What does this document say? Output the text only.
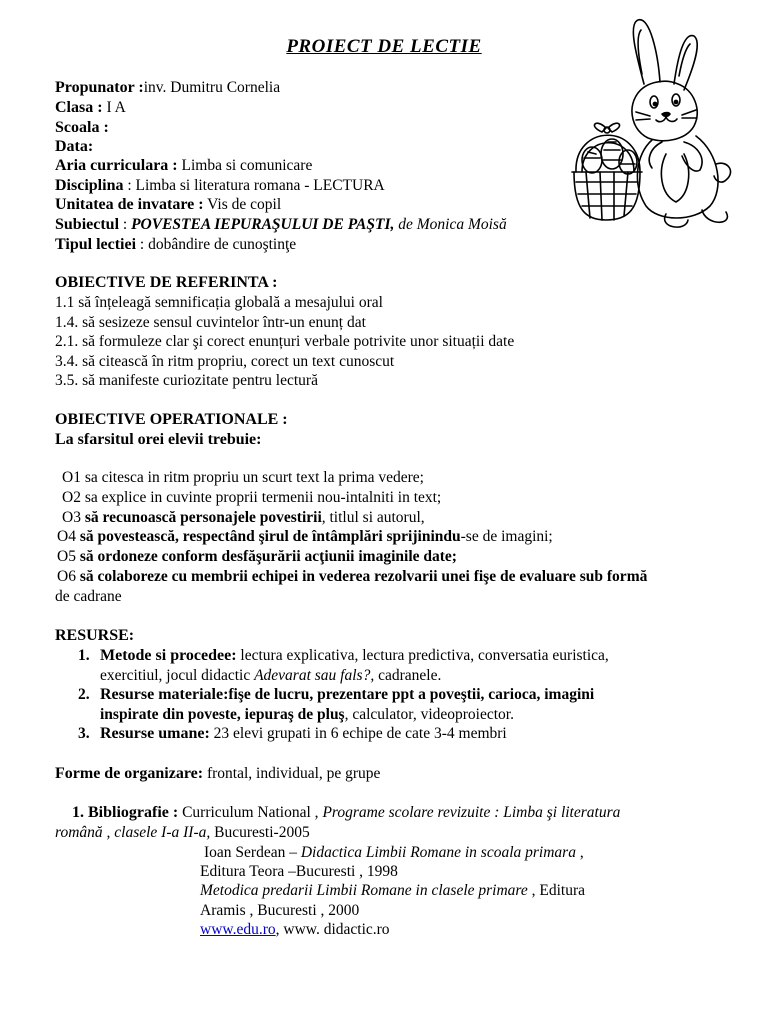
PROIECT DE LECTIE
Propunator :inv. Dumitru Cornelia
Clasa : I A
Scoala :
Data:
Aria curriculara : Limba si comunicare
Disciplina : Limba si literatura romana - LECTURA
Unitatea de invatare : Vis de copil
Subiectul : POVESTEA IEPURAŞULUI DE PAŞTI, de Monica Moisă
Tipul lectiei : dobândire de cunoştinţe
OBIECTIVE DE REFERINTA :
1.1 să înțeleagă semnificația globală a mesajului oral
1.4. să sesizeze sensul cuvintelor într-un enunț dat
2.1. să formuleze clar şi corect enunțuri verbale potrivite unor situații date
3.4. să citească în ritm propriu, corect un text cunoscut
3.5. să manifeste curiozitate pentru lectură
OBIECTIVE OPERATIONALE :
La sfarsitul orei elevii trebuie:
O1 sa citesca in ritm propriu un scurt text la prima vedere;
O2 sa explice in cuvinte proprii termenii nou-intalniti in text;
O3 să recunoască personajele povestirii, titlul si autorul,
O4 să povestească, respectând şirul de întâmplări sprijinindu-se de imagini;
O5 să ordoneze conform desfăşurării acţiunii imaginile date;
O6 să colaboreze cu membrii echipei in vederea rezolvarii unei fişe de evaluare sub formă
de cadrane
RESURSE:
1. Metode si procedee: lectura explicativa, lectura predictiva, conversatia euristica,
exercitiul, jocul didactic Adevarat sau fals?, cadranele.
2. Resurse materiale:fişe de lucru, prezentare ppt a poveştii, carioca, imagini
inspirate din poveste, iepuraş de pluş, calculator, videoproiector.
3. Resurse umane: 23 elevi grupati in 6 echipe de cate 3-4 membri
Forme de organizare: frontal, individual, pe grupe
1. Bibliografie : Curriculum National , Programe scolare revizuite : Limba şi literatura
română , clasele I-a II-a, Bucuresti-2005
Ioan Serdean – Didactica Limbii Romane in scoala primara ,
Editura Teora –Bucuresti , 1998
Metodica predarii Limbii Romane in clasele primare , Editura
Aramis , Bucuresti , 2000
www.edu.ro, www. didactic.ro
